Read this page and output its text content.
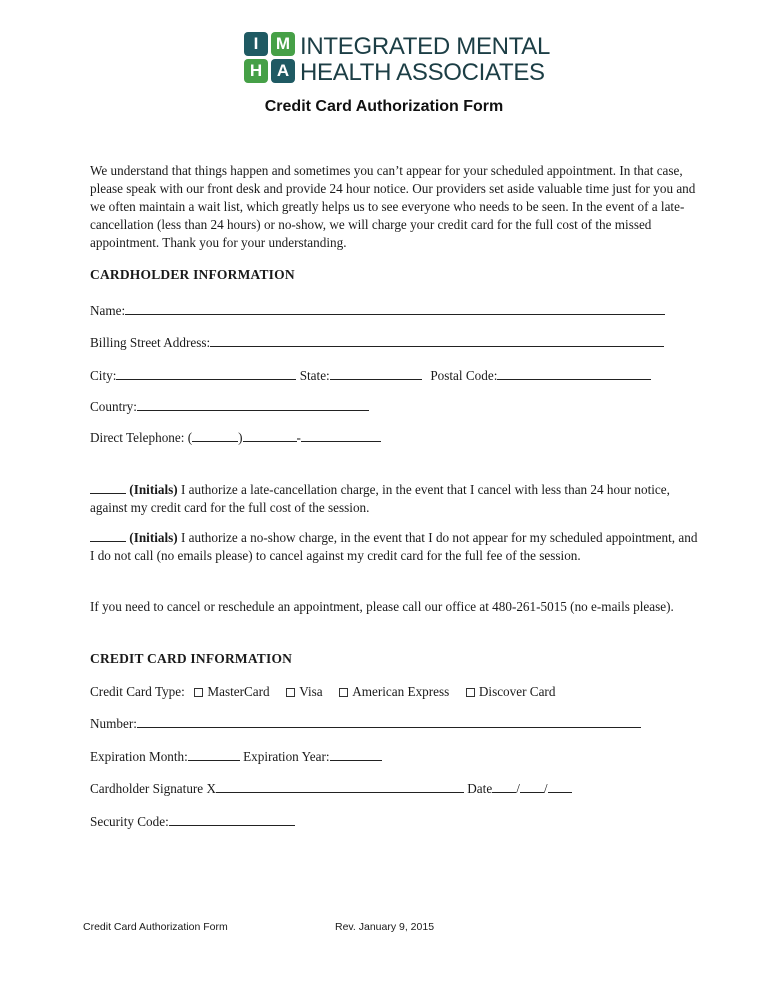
I	M
H A
INTEGRATED MENTAL
HEALTH ASSOCIATES
Credit Card Authorization Form
We understand that things happen and sometimes you can’t appear for your scheduled appointment. In that case, please speak with our front desk and provide 24 hour notice. Our providers set aside valuable time just for you and we often maintain a wait list, which greatly helps us to see everyone who needs to be seen. In the event of a late-cancellation (less than 24 hours) or no-show, we will charge your credit card for the full cost of the missed appointment. Thank you for your understanding.
CARDHOLDER INFORMATION
Name:
Billing Street Address:
City:	State:	Postal Code:
Country:
Direct Telephone: (	)	-
(Initials) I authorize a late-cancellation charge, in the event that I cancel with less than 24 hour notice, against my credit card for the full cost of the session.
(Initials) I authorize a no-show charge, in the event that I do not appear for my scheduled appointment, and I do not call (no emails please) to cancel against my credit card for the full fee of the session.
If you need to cancel or reschedule an appointment, please call our office at 480-261-5015 (no e-mails please).
CREDIT CARD INFORMATION
Credit Card Type: MasterCard Visa American Express Discover Card
Number:
Expiration Month:	Expiration Year:
Cardholder Signature X	Date / /
Security Code:
Credit Card Authorization Form	Rev. January 9, 2015
